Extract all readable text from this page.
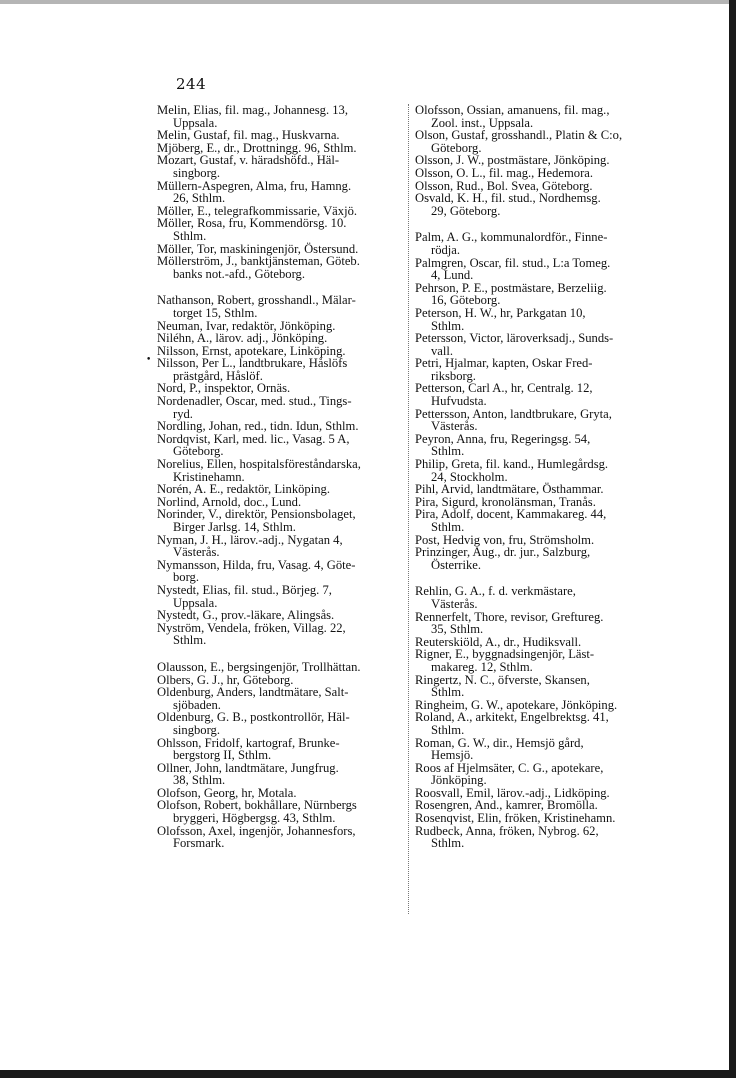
244
•
Melin, Elias, fil. mag., Johannesg. 13,
Uppsala.
Melin, Gustaf, fil. mag., Huskvarna.
Mjöberg, E., dr., Drottningg. 96, Sthlm.
Mozart, Gustaf, v. häradshöfd., Häl-
singborg.
Müllern-Aspegren, Alma, fru, Hamng.
26, Sthlm.
Möller, E., telegrafkommissarie, Växjö.
Möller, Rosa, fru, Kommendörsg. 10.
Sthlm.
Möller, Tor, maskiningenjör, Östersund.
Möllerström, J., banktjänsteman, Göteb.
banks not.-afd., Göteborg.
Nathanson, Robert, grosshandl., Mälar-
torget 15, Sthlm.
Neuman, Ivar, redaktör, Jönköping.
Niléhn, A., lärov. adj., Jönköping.
Nilsson, Ernst, apotekare, Linköping.
Nilsson, Per L., landtbrukare, Håslöfs
prästgård, Håslöf.
Nord, P., inspektor, Ornäs.
Nordenadler, Oscar, med. stud., Tings-
ryd.
Nordling, Johan, red., tidn. Idun, Sthlm.
Nordqvist, Karl, med. lic., Vasag. 5 A,
Göteborg.
Norelius, Ellen, hospitalsföreståndarska,
Kristinehamn.
Norén, A. E., redaktör, Linköping.
Norlind, Arnold, doc., Lund.
Norinder, V., direktör, Pensionsbolaget,
Birger Jarlsg. 14, Sthlm.
Nyman, J. H., lärov.-adj., Nygatan 4,
Västerås.
Nymansson, Hilda, fru, Vasag. 4, Göte-
borg.
Nystedt, Elias, fil. stud., Börjeg. 7,
Uppsala.
Nystedt, G., prov.-läkare, Alingsås.
Nyström, Vendela, fröken, Villag. 22,
Sthlm.
Olausson, E., bergsingenjör, Trollhättan.
Olbers, G. J., hr, Göteborg.
Oldenburg, Anders, landtmätare, Salt-
sjöbaden.
Oldenburg, G. B., postkontrollör, Häl-
singborg.
Ohlsson, Fridolf, kartograf, Brunke-
bergstorg II, Sthlm.
Ollner, John, landtmätare, Jungfrug.
38, Sthlm.
Olofson, Georg, hr, Motala.
Olofson, Robert, bokhållare, Nürnbergs
bryggeri, Högbergsg. 43, Sthlm.
Olofsson, Axel, ingenjör, Johannesfors,
Forsmark.
Olofsson, Ossian, amanuens, fil. mag.,
Zool. inst., Uppsala.
Olson, Gustaf, grosshandl., Platin & C:o,
Göteborg.
Olsson, J. W., postmästare, Jönköping.
Olsson, O. L., fil. mag., Hedemora.
Olsson, Rud., Bol. Svea, Göteborg.
Osvald, K. H., fil. stud., Nordhemsg.
29, Göteborg.
Palm, A. G., kommunalordför., Finne-
rödja.
Palmgren, Oscar, fil. stud., L:a Tomeg.
4, Lund.
Pehrson, P. E., postmästare, Berzeliig.
16, Göteborg.
Peterson, H. W., hr, Parkgatan 10,
Sthlm.
Petersson, Victor, läroverksadj., Sunds-
vall.
Petri, Hjalmar, kapten, Oskar Fred-
riksborg.
Petterson, Carl A., hr, Centralg. 12,
Hufvudsta.
Pettersson, Anton, landtbrukare, Gryta,
Västerås.
Peyron, Anna, fru, Regeringsg. 54,
Sthlm.
Philip, Greta, fil. kand., Humlegårdsg.
24, Stockholm.
Pihl, Arvid, landtmätare, Östhammar.
Pira, Sigurd, kronolänsman, Tranås.
Pira, Adolf, docent, Kammakareg. 44,
Sthlm.
Post, Hedvig von, fru, Strömsholm.
Prinzinger, Aug., dr. jur., Salzburg,
Österrike.
Rehlin, G. A., f. d. verkmästare,
Västerås.
Rennerfelt, Thore, revisor, Greftureg.
35, Sthlm.
Reuterskiöld, A., dr., Hudiksvall.
Rigner, E., byggnadsingenjör, Läst-
makareg. 12, Sthlm.
Ringertz, N. C., öfverste, Skansen,
Sthlm.
Ringheim, G. W., apotekare, Jönköping.
Roland, A., arkitekt, Engelbrektsg. 41,
Sthlm.
Roman, G. W., dir., Hemsjö gård,
Hemsjö.
Roos af Hjelmsäter, C. G., apotekare,
Jönköping.
Roosvall, Emil, lärov.-adj., Lidköping.
Rosengren, And., kamrer, Bromölla.
Rosenqvist, Elin, fröken, Kristinehamn.
Rudbeck, Anna, fröken, Nybrog. 62,
Sthlm.
